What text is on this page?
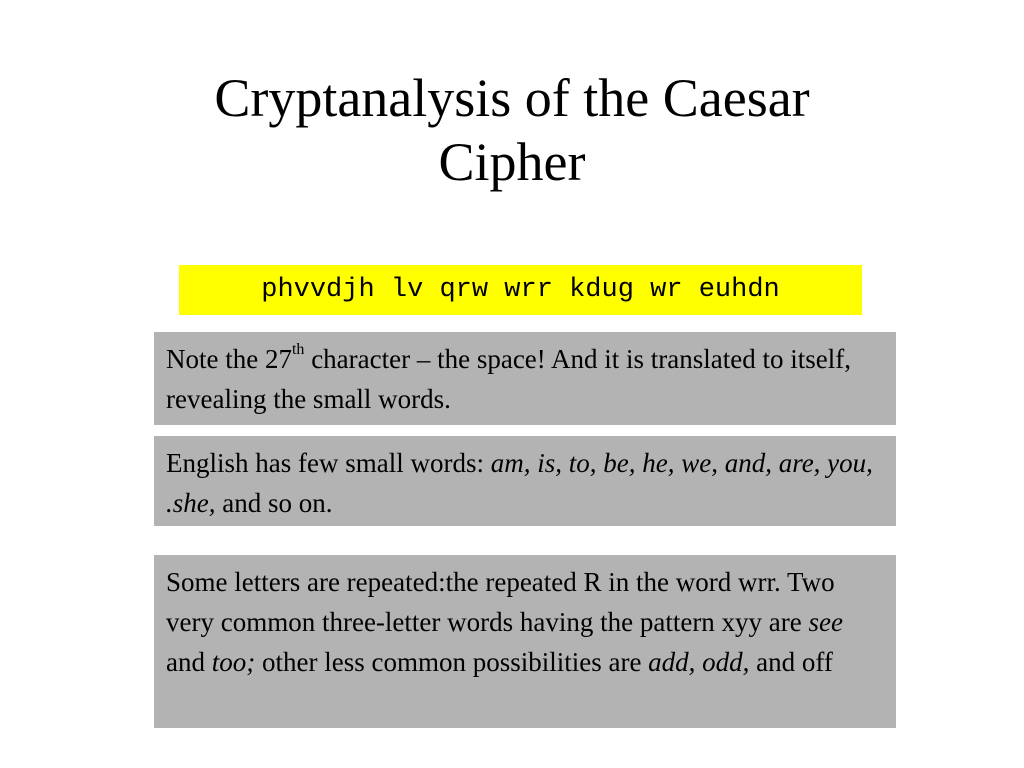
Cryptanalysis of the Caesar
Cipher
phvvdjh lv qrw wrr kdug wr euhdn
Note the 27th character – the space! And it is translated to itself, revealing the small words.
English has few small words: am, is, to, be, he, we, and, are, you, .she, and so on.
Some letters are repeated:the repeated R in the word wrr. Two very common three-letter words having the pattern xyy are see and too; other less common possibilities are add, odd, and off
